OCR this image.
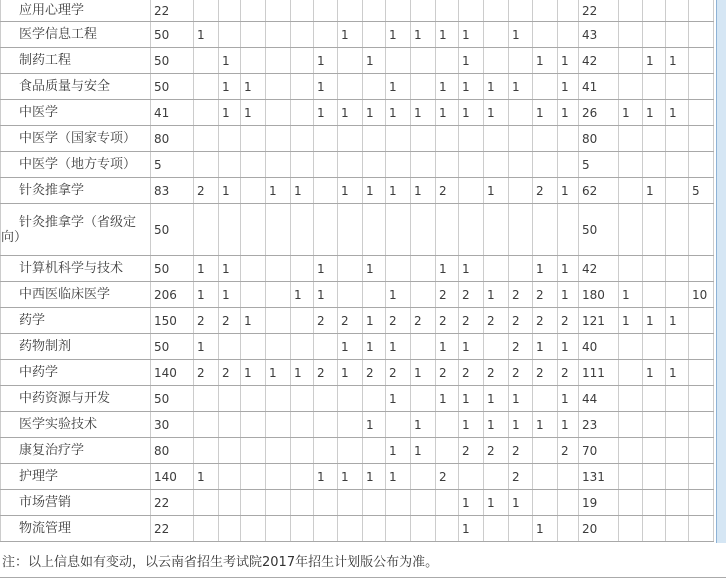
应用心理学	22																	22				
医学信息工程	50	1						1		1	1	1	1		1			43				
制药工程	50		1				1		1				1			1	1	42		1	1	
食品质量与安全	50		1	1			1			1		1	1	1	1		1	41				
中医学	41		1	1			1	1	1	1	1	1	1	1		1	1	26	1	1	1	
中医学（国家专项）	80																	80				
中医学（地方专项）	5																	5				
针灸推拿学	83	2	1		1	1		1	1	1	1	2		1		2	1	62		1		5
针灸推拿学（省级定向）	50																	50				
计算机科学与技术	50	1	1				1		1			1	1			1	1	42				
中西医临床医学	206	1	1			1	1			1		2	2	1	2	2	1	180	1			10
药学	150	2	2	1			2	2	1	2	2	2	2	2	2	2	2	121	1	1	1	
药物制剂	50	1						1	1	1		1	1		2	1	1	40				
中药学	140	2	2	1	1	1	2	1	2	2	1	2	2	2	2	2	2	111		1	1	
中药资源与开发	50									1		1	1	1	1		1	44				
医学实验技术	30								1		1		1	1	1	1	1	23				
康复治疗学	80									1	1		2	2	2		2	70				
护理学	140	1					1	1	1	1		2			2			131				
市场营销	22												1	1	1			19				
物流管理	22												1			1		20				
注：以上信息如有变动，以云南省招生考试院2017年招生计划版公布为准。
